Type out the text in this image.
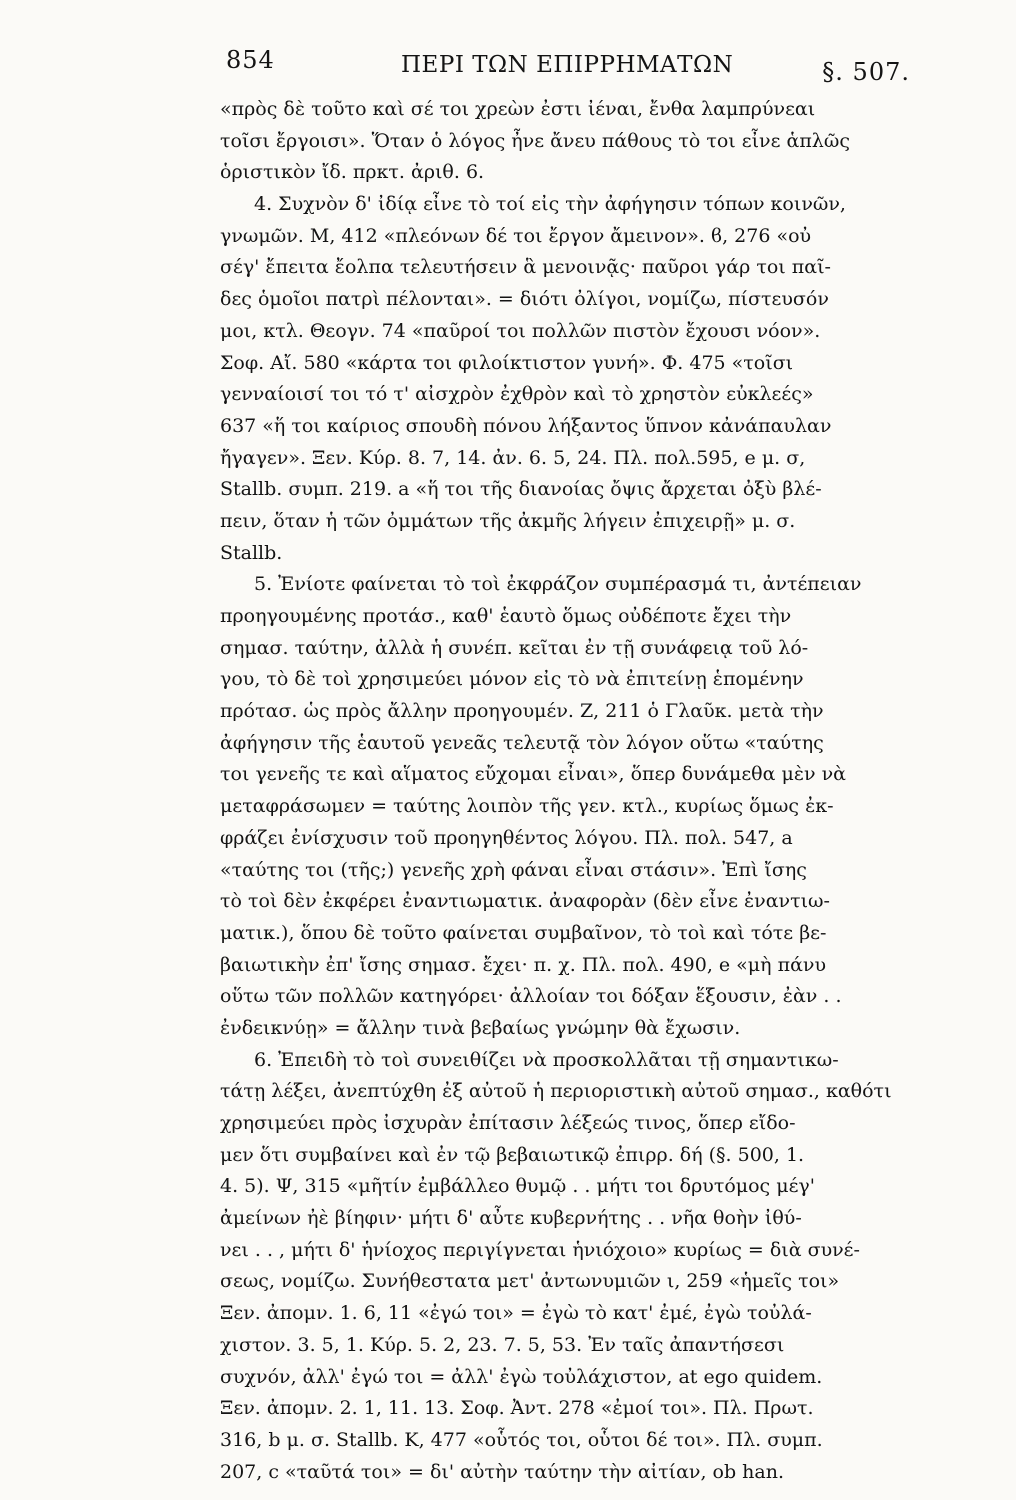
854	ΠΕΡΙ ΤΩΝ ΕΠΙΡΡΗΜΑΤΩΝ	§. 507.
«πρὸς δὲ τοῦτο καὶ σέ τοι χρεὼν ἐστι ἰέναι, ἔνθα λαμπρύνεαι
τοῖσι ἔργοισι». Ὅταν ὁ λόγος ἦνε ἄνευ πάθους τὸ τοι εἶνε ἁπλῶς
ὁριστικὸν ἴδ. πρκτ. ἀριθ. 6.
4. Συχνὸν δ' ἰδίᾳ εἶνε τὸ τοί εἰς τὴν ἀφήγησιν τόπων κοινῶν,
γνωμῶν. Μ, 412 «πλεόνων δέ τοι ἔργον ἄμεινον». ϐ, 276 «οὐ
σέγ' ἔπειτα ἔολπα τελευτήσειν ἃ μενοινᾷς· παῦροι γάρ τοι παῖ-
δες ὁμοῖοι πατρὶ πέλονται». = διότι ὀλίγοι, νομίζω, πίστευσόν
μοι, κτλ. Θεογν. 74 «παῦροί τοι πολλῶν πιστὸν ἔχουσι νόον».
Σοφ. Αἴ. 580 «κάρτα τοι φιλοίκτιστον γυνή». Φ. 475 «τοῖσι
γενναίοισί τοι τό τ' αἰσχρὸν ἐχθρὸν καὶ τὸ χρηστὸν εὐκλεές»
637 «ἥ τοι καίριος σπουδὴ πόνου λήξαντος ὕπνον κἀνάπαυλαν
ἤγαγεν». Ξεν. Κύρ. 8. 7, 14. ἀν. 6. 5, 24. Πλ. πολ.595, e μ. σ,
Stallb. συμπ. 219. a «ἥ τοι τῆς διανοίας ὄψις ἄρχεται ὀξὺ βλέ-
πειν, ὅταν ἡ τῶν ὀμμάτων τῆς ἀκμῆς λήγειν ἐπιχειρῇ» μ. σ.
Stallb.
5. Ἐνίοτε φαίνεται τὸ τοὶ ἐκφράζον συμπέρασμά τι, ἀντέπειαν
προηγουμένης προτάσ., καθ' ἑαυτὸ ὅμως οὐδέποτε ἔχει τὴν
σημασ. ταύτην, ἀλλὰ ἡ συνέπ. κεῖται ἐν τῇ συνάφειᾳ τοῦ λό-
γου, τὸ δὲ τοὶ χρησιμεύει μόνον εἰς τὸ νὰ ἐπιτείνῃ ἑπομένην
πρότασ. ὡς πρὸς ἄλλην προηγουμέν. Ζ, 211 ὁ Γλαῦκ. μετὰ τὴν
ἀφήγησιν τῆς ἑαυτοῦ γενεᾶς τελευτᾷ τὸν λόγον οὕτω «ταύτης
τοι γενεῆς τε καὶ αἵματος εὔχομαι εἶναι», ὅπερ δυνάμεθα μὲν νὰ
μεταφράσωμεν = ταύτης λοιπὸν τῆς γεν. κτλ., κυρίως ὅμως ἐκ-
φράζει ἐνίσχυσιν τοῦ προηγηθέντος λόγου. Πλ. πολ. 547, a
«ταύτης τοι (τῆς;) γενεῆς χρὴ φάναι εἶναι στάσιν». Ἐπὶ ἴσης
τὸ τοὶ δὲν ἐκφέρει ἐναντιωματικ. ἀναφορὰν (δὲν εἶνε ἐναντιω-
ματικ.), ὅπου δὲ τοῦτο φαίνεται συμβαῖνον, τὸ τοὶ καὶ τότε βε-
βαιωτικὴν ἐπ' ἴσης σημασ. ἔχει· π. χ. Πλ. πολ. 490, e «μὴ πάνυ
οὕτω τῶν πολλῶν κατηγόρει· ἀλλοίαν τοι δόξαν ἕξουσιν, ἐὰν . .
ἐνδεικνύῃ» = ἄλλην τινὰ βεβαίως γνώμην θὰ ἔχωσιν.
6. Ἐπειδὴ τὸ τοὶ συνειθίζει νὰ προσκολλᾶται τῇ σημαντικω-
τάτῃ λέξει, ἀνεπτύχθη ἐξ αὐτοῦ ἡ περιοριστικὴ αὐτοῦ σημασ., καθότι
χρησιμεύει πρὸς ἰσχυρὰν ἐπίτασιν λέξεώς τινος, ὅπερ εἴδο-
μεν ὅτι συμβαίνει καὶ ἐν τῷ βεβαιωτικῷ ἐπιρρ. δή (§. 500, 1.
4. 5). Ψ, 315 «μῆτίν ἐμβάλλεο θυμῷ . . μήτι τοι δρυτόμος μέγ'
ἀμείνων ἠὲ βίηφιν· μήτι δ' αὖτε κυβερνήτης . . νῆα θοὴν ἰθύ-
νει . . , μήτι δ' ἡνίοχος περιγίγνεται ἡνιόχοιο» κυρίως = διὰ συνέ-
σεως, νομίζω. Συνήθεστατα μετ' ἀντωνυμιῶν ι, 259 «ἡμεῖς τοι»
Ξεν. ἀπομν. 1. 6, 11 «ἐγώ τοι» = ἐγὼ τὸ κατ' ἐμέ, ἐγὼ τοὐλά-
χιστον. 3. 5, 1. Κύρ. 5. 2, 23. 7. 5, 53. Ἐν ταῖς ἀπαντήσεσι
συχνόν, ἀλλ' ἐγώ τοι = ἀλλ' ἐγὼ τοὐλάχιστον, at ego quidem.
Ξεν. ἀπομν. 2. 1, 11. 13. Σοφ. Ἀντ. 278 «ἐμοί τοι». Πλ. Πρωτ.
316, b μ. σ. Stallb. Κ, 477 «οὗτός τοι, οὗτοι δέ τοι». Πλ. συμπ.
207, c «ταῦτά τοι» = δι' αὐτὴν ταύτην τὴν αἰτίαν, ob han.
